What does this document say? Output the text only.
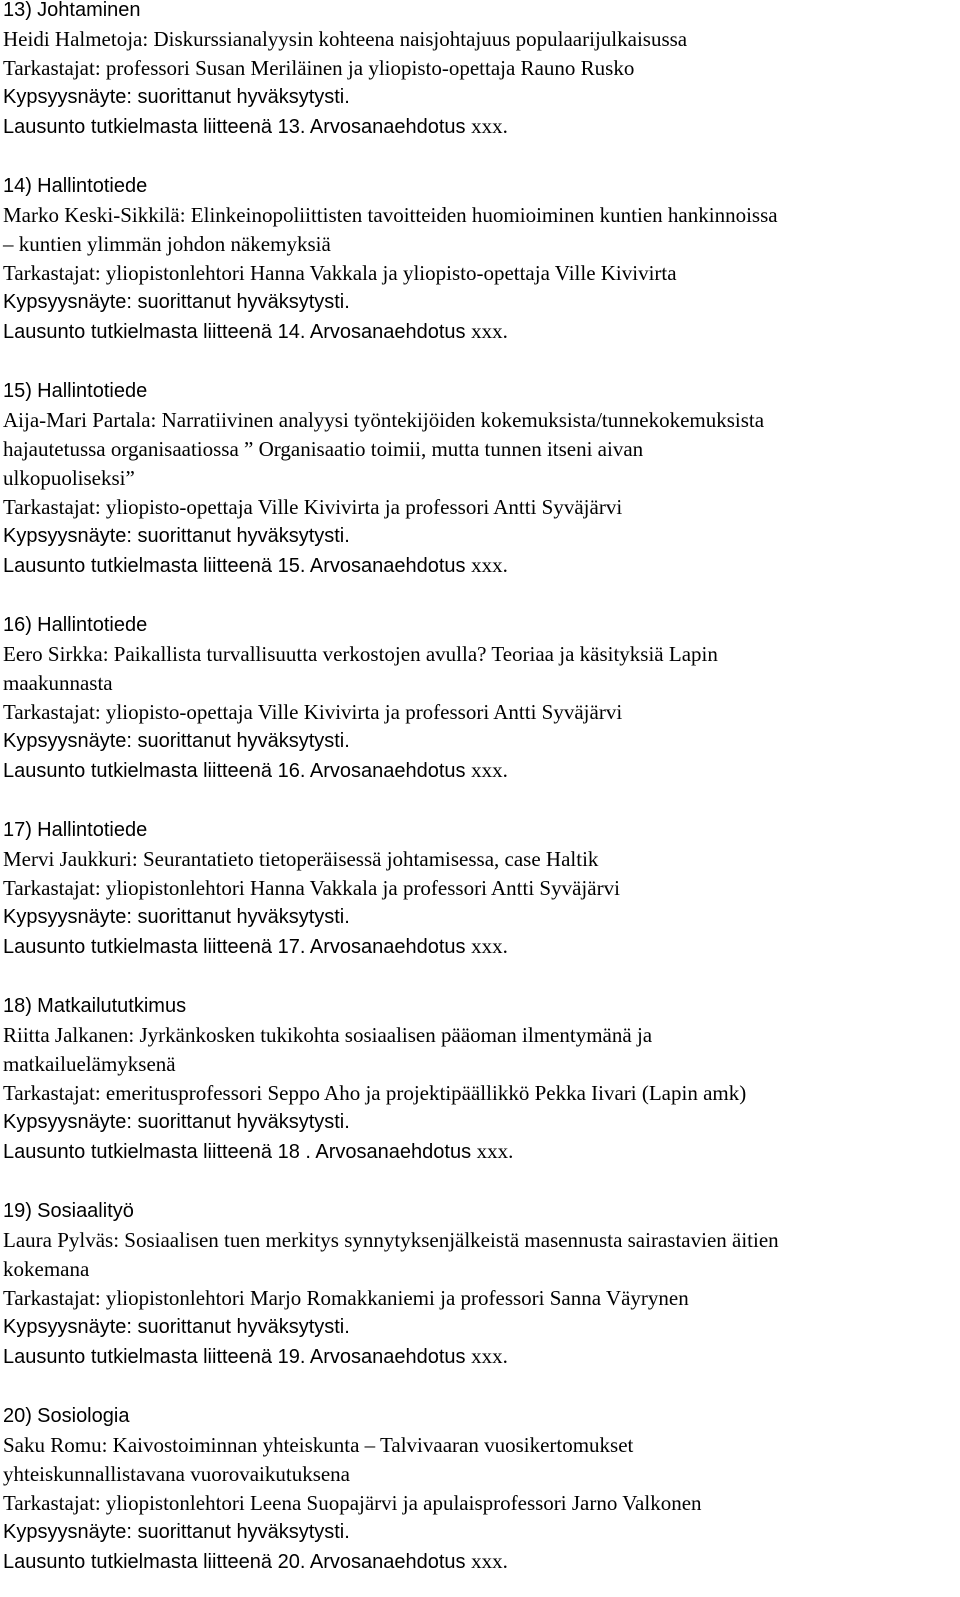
13) Johtaminen
Heidi Halmetoja: Diskurssianalyysin kohteena naisjohtajuus populaarijulkaisussa
Tarkastajat: professori Susan Meriläinen ja yliopisto-opettaja Rauno Rusko
Kypsyysnäyte: suorittanut hyväksytysti.
Lausunto tutkielmasta liitteenä 13. Arvosanaehdotus xxx.
14) Hallintotiede
Marko Keski-Sikkilä: Elinkeinopoliittisten tavoitteiden huomioiminen kuntien hankinnoissa
– kuntien ylimmän johdon näkemyksiä
Tarkastajat: yliopistonlehtori Hanna Vakkala ja yliopisto-opettaja Ville Kivivirta
Kypsyysnäyte: suorittanut hyväksytysti.
Lausunto tutkielmasta liitteenä 14. Arvosanaehdotus xxx.
15) Hallintotiede
Aija-Mari Partala: Narratiivinen analyysi työntekijöiden kokemuksista/tunnekokemuksista
hajautetussa organisaatiossa ” Organisaatio toimii, mutta tunnen itseni aivan
ulkopuoliseksi”
Tarkastajat: yliopisto-opettaja Ville Kivivirta ja professori Antti Syväjärvi
Kypsyysnäyte: suorittanut hyväksytysti.
Lausunto tutkielmasta liitteenä 15. Arvosanaehdotus xxx.
16) Hallintotiede
Eero Sirkka: Paikallista turvallisuutta verkostojen avulla? Teoriaa ja käsityksiä Lapin
maakunnasta
Tarkastajat: yliopisto-opettaja Ville Kivivirta ja professori Antti Syväjärvi
Kypsyysnäyte: suorittanut hyväksytysti.
Lausunto tutkielmasta liitteenä 16. Arvosanaehdotus xxx.
17) Hallintotiede
Mervi Jaukkuri: Seurantatieto tietoperäisessä johtamisessa, case Haltik
Tarkastajat: yliopistonlehtori Hanna Vakkala ja professori Antti Syväjärvi
Kypsyysnäyte: suorittanut hyväksytysti.
Lausunto tutkielmasta liitteenä 17. Arvosanaehdotus xxx.
18) Matkailututkimus
Riitta Jalkanen: Jyrkänkosken tukikohta sosiaalisen pääoman ilmentymänä ja
matkailuelämyksenä
Tarkastajat: emeritusprofessori Seppo Aho ja projektipäällikkö Pekka Iivari (Lapin amk)
Kypsyysnäyte: suorittanut hyväksytysti.
Lausunto tutkielmasta liitteenä 18 . Arvosanaehdotus xxx.
19) Sosiaalityö
Laura Pylväs: Sosiaalisen tuen merkitys synnytyksenjälkeistä masennusta sairastavien äitien
kokemana
Tarkastajat: yliopistonlehtori Marjo Romakkaniemi ja professori Sanna Väyrynen
Kypsyysnäyte: suorittanut hyväksytysti.
Lausunto tutkielmasta liitteenä 19. Arvosanaehdotus xxx.
20) Sosiologia
Saku Romu: Kaivostoiminnan yhteiskunta – Talvivaaran vuosikertomukset
yhteiskunnallistavana vuorovaikutuksena
Tarkastajat: yliopistonlehtori Leena Suopajärvi ja apulaisprofessori Jarno Valkonen
Kypsyysnäyte: suorittanut hyväksytysti.
Lausunto tutkielmasta liitteenä 20. Arvosanaehdotus xxx.
